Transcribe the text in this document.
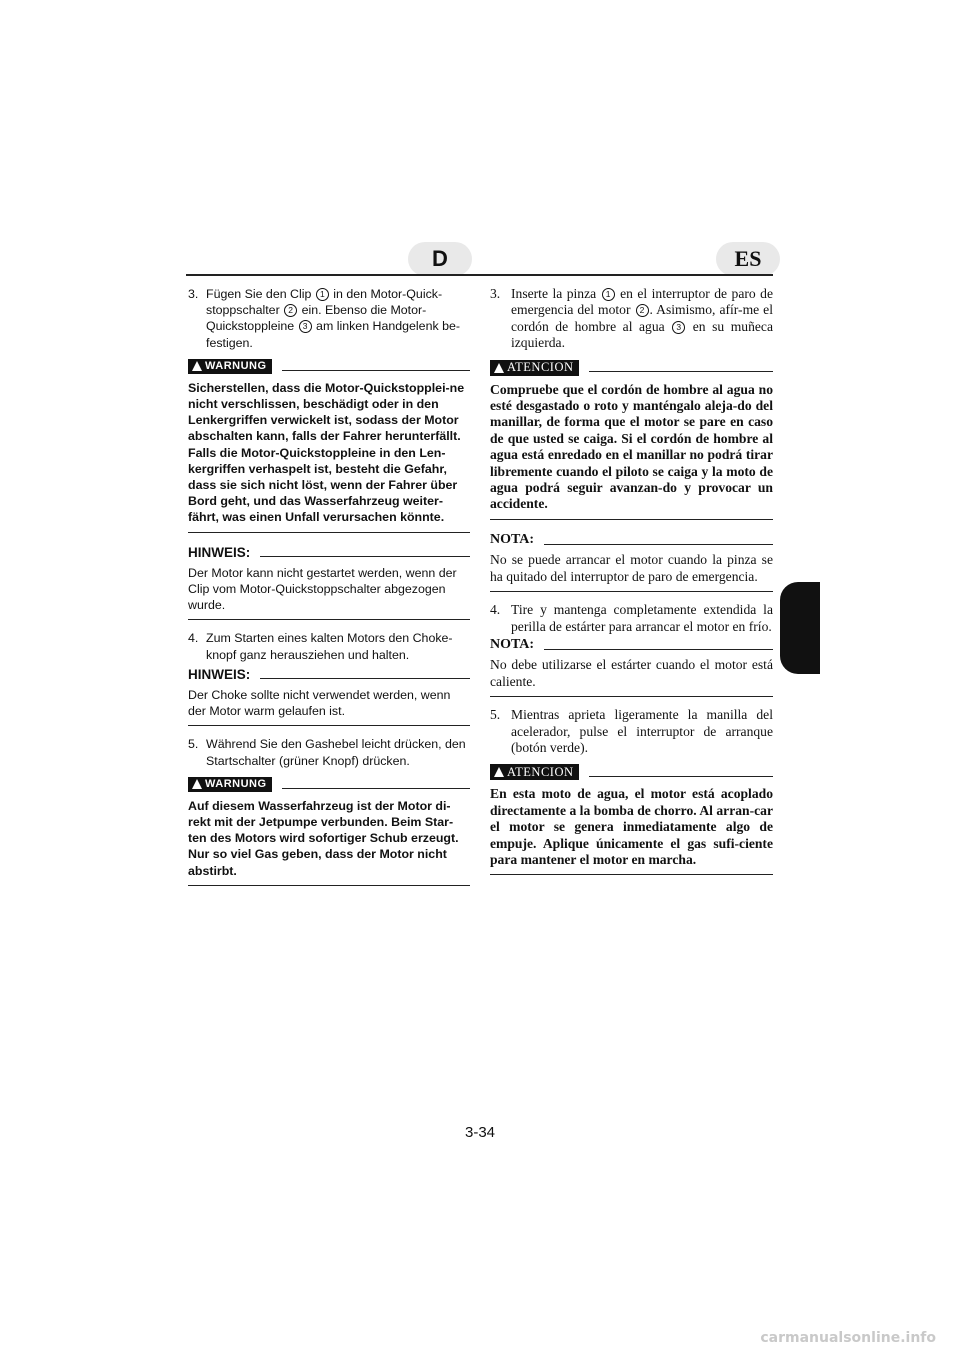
D	ES

3. Fügen Sie den Clip 1 in den Motor-Quick-stoppschalter 2 ein. Ebenso die Motor-Quickstoppleine 3 am linken Handgelenk be-festigen.

WARNUNG

Sicherstellen, dass die Motor-Quickstopplei-ne nicht verschlissen, beschädigt oder in den Lenkergriffen verwickelt ist, sodass der Motor abschalten kann, falls der Fahrer herunterfällt. Falls die Motor-Quickstoppleine in den Len-kergriffen verhaspelt ist, besteht die Gefahr, dass sie sich nicht löst, wenn der Fahrer über Bord geht, und das Wasserfahrzeug weiter-fährt, was einen Unfall verursachen könnte.

HINWEIS:

Der Motor kann nicht gestartet werden, wenn der Clip vom Motor-Quickstoppschalter abgezogen wurde.

4. Zum Starten eines kalten Motors den Choke-knopf ganz herausziehen und halten.

HINWEIS:

Der Choke sollte nicht verwendet werden, wenn der Motor warm gelaufen ist.

5. Während Sie den Gashebel leicht drücken, den Startschalter (grüner Knopf) drücken.

WARNUNG

Auf diesem Wasserfahrzeug ist der Motor di-rekt mit der Jetpumpe verbunden. Beim Star-ten des Motors wird sofortiger Schub erzeugt. Nur so viel Gas geben, dass der Motor nicht abstirbt.

3. Inserte la pinza 1 en el interruptor de paro de emergencia del motor 2 . Asimismo, afír-me el cordón de hombre al agua 3 en su muñeca izquierda.

ATENCION

Compruebe que el cordón de hombre al agua no esté desgastado o roto y manténgalo aleja-do del manillar, de forma que el motor se pare en caso de que usted se caiga. Si el cordón de hombre al agua está enredado en el manillar no podrá tirar libremente cuando el piloto se caiga y la moto de agua podrá seguir avanzan-do y provocar un accidente.

NOTA:

No se puede arrancar el motor cuando la pinza se ha quitado del interruptor de paro de emergencia.

4. Tire y mantenga completamente extendida la perilla de estárter para arrancar el motor en frío.

NOTA:

No debe utilizarse el estárter cuando el motor está caliente.

5. Mientras aprieta ligeramente la manilla del acelerador, pulse el interruptor de arranque (botón verde).

ATENCION

En esta moto de agua, el motor está acoplado directamente a la bomba de chorro. Al arran-car el motor se genera inmediatamente algo de empuje. Aplique únicamente el gas sufi-ciente para mantener el motor en marcha.

3-34
carmanualsonline.info
